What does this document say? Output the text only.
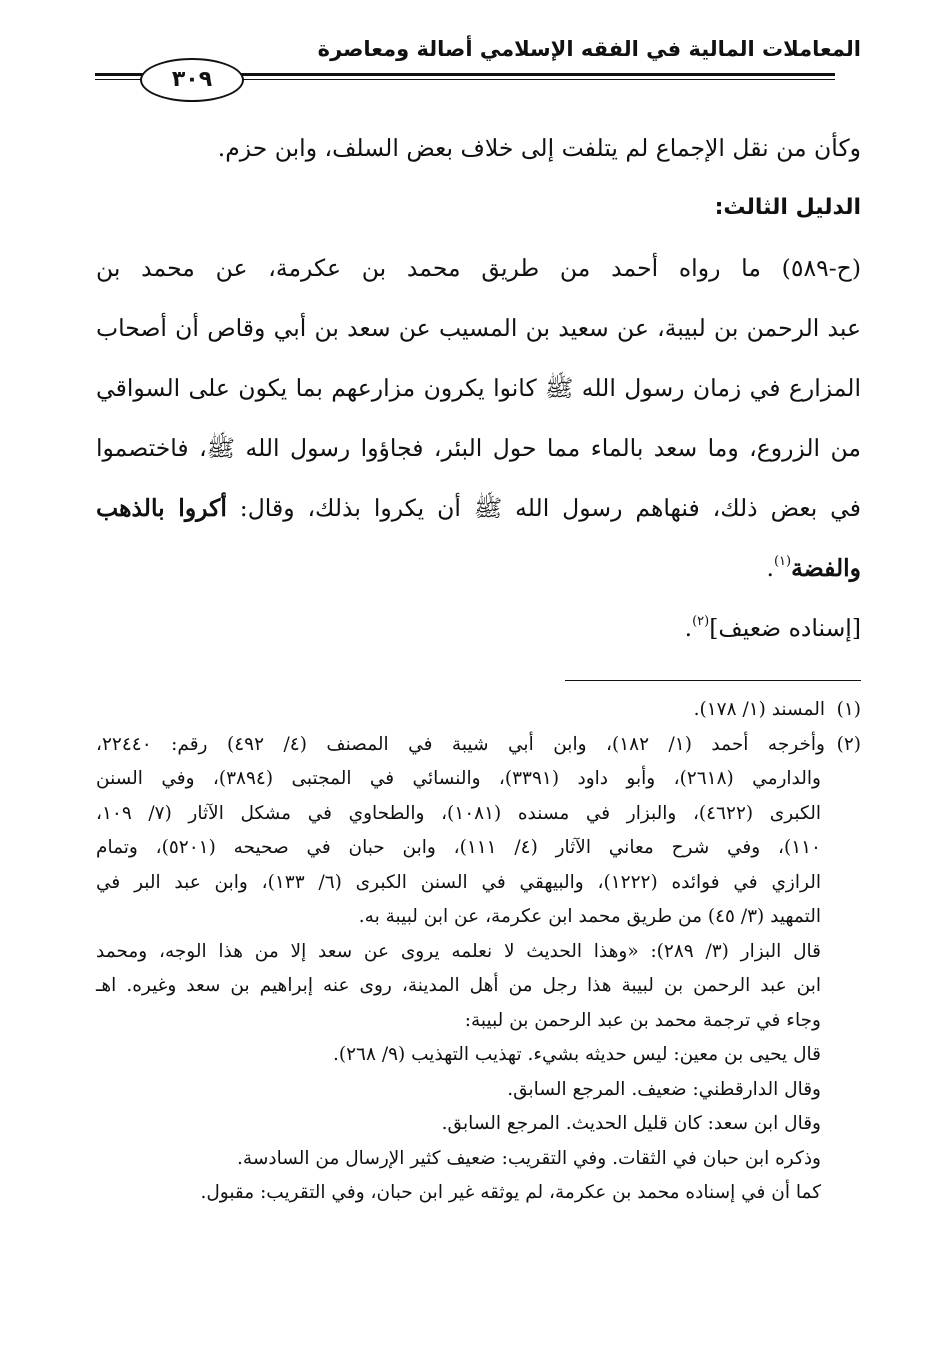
المعاملات المالية في الفقه الإسلامي أصالة ومعاصرة
٣٠٩
وكأن من نقل الإجماع لم يتلفت إلى خلاف بعض السلف، وابن حزم.
الدليل الثالث:
(ح-٥٨٩) ما رواه أحمد من طريق محمد بن عكرمة، عن محمد بن
عبد الرحمن بن لبيبة، عن سعيد بن المسيب عن سعد بن أبي وقاص أن أصحاب
المزارع في زمان رسول الله ﷺ كانوا يكرون مزارعهم بما يكون على السواقي
من الزروع، وما سعد بالماء مما حول البئر، فجاؤوا رسول الله ﷺ، فاختصموا
في بعض ذلك، فنهاهم رسول الله ﷺ أن يكروا بذلك، وقال: أكروا بالذهب
والفضة$^{(١)}$.
[إسناده ضعيف]$^{(٢)}$.
(١)المسند (١/ ١٧٨).
(٢)وأخرجه أحمد (١/ ١٨٢)، وابن أبي شيبة في المصنف (٤/ ٤٩٢) رقم: ٢٢٤٤٠،
والدارمي (٢٦١٨)، وأبو داود (٣٣٩١)، والنسائي في المجتبى (٣٨٩٤)، وفي السنن
الكبرى (٤٦٢٢)، والبزار في مسنده (١٠٨١)، والطحاوي في مشكل الآثار (٧/ ١٠٩،
١١٠)، وفي شرح معاني الآثار (٤/ ١١١)، وابن حبان في صحيحه (٥٢٠١)، وتمام
الرازي في فوائده (١٢٢٢)، والبيهقي في السنن الكبرى (٦/ ١٣٣)، وابن عبد البر في
التمهيد (٣/ ٤٥) من طريق محمد ابن عكرمة، عن ابن لبيبة به.
قال البزار (٣/ ٢٨٩): «وهذا الحديث لا نعلمه يروى عن سعد إلا من هذا الوجه، ومحمد
ابن عبد الرحمن بن لبيبة هذا رجل من أهل المدينة، روى عنه إبراهيم بن سعد وغيره. اهـ
وجاء في ترجمة محمد بن عبد الرحمن بن لبيبة:
قال يحيى بن معين: ليس حديثه بشيء. تهذيب التهذيب (٩/ ٢٦٨).
وقال الدارقطني: ضعيف. المرجع السابق.
وقال ابن سعد: كان قليل الحديث. المرجع السابق.
وذكره ابن حبان في الثقات. وفي التقريب: ضعيف كثير الإرسال من السادسة.
كما أن في إسناده محمد بن عكرمة، لم يوثقه غير ابن حبان، وفي التقريب: مقبول.
